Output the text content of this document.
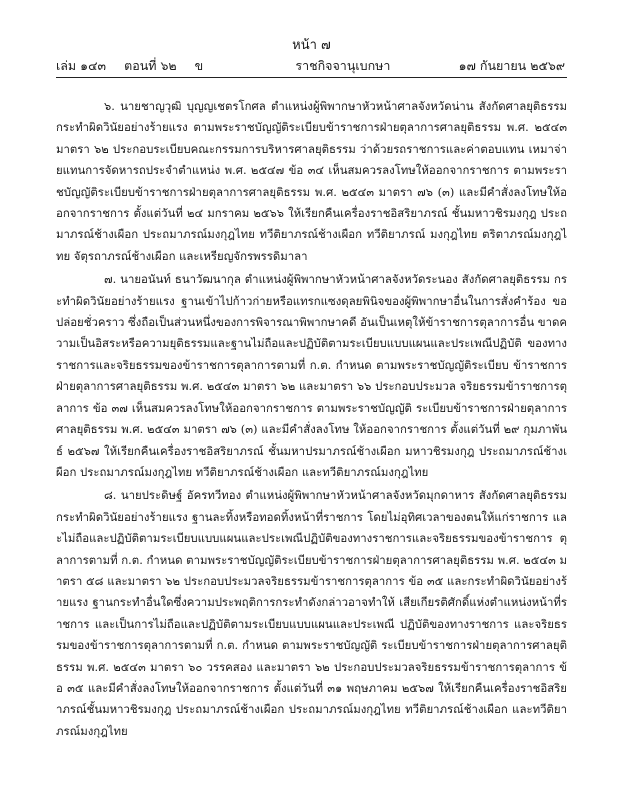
หน้า ๗
เล่ม ๑๔๓ ตอนที่ ๖๒ ข	ราชกิจจานุเบกษา	๑๗ กันยายน ๒๕๖๙

๖. นายชาญวุฒิ บุญญเชตรโกศล ตำแหน่งผู้พิพากษาหัวหน้าศาลจังหวัดน่าน สังกัดศาลยุติธรรม กระทำผิดวินัยอย่างร้ายแรง ตามพระราชบัญญัติระเบียบข้าราชการฝ่ายตุลาการศาลยุติธรรม พ.ศ. ๒๕๔๓ มาตรา ๖๒ ประกอบระเบียบคณะกรรมการบริหารศาลยุติธรรม ว่าด้วยรถราชการและค่าตอบแทน เหมาจ่ายแทนการจัดหารถประจำตำแหน่ง พ.ศ. ๒๕๔๗ ข้อ ๓๔ เห็นสมควรลงโทษให้ออกจากราชการ ตามพระราชบัญญัติระเบียบข้าราชการฝ่ายตุลาการศาลยุติธรรม พ.ศ. ๒๕๔๓ มาตรา ๗๖ (๓) และมีคำสั่งลงโทษให้ออกจากราชการ ตั้งแต่วันที่ ๒๔ มกราคม ๒๕๖๖ ให้เรียกคืนเครื่องราชอิสริยาภรณ์ ชั้นมหาวชิรมงกุฎ ประถมาภรณ์ช้างเผือก ประถมาภรณ์มงกุฎไทย ทวีติยาภรณ์ช้างเผือก ทวีติยาภรณ์ มงกุฎไทย ตริตาภรณ์มงกุฎไทย จัตุรถาภรณ์ช้างเผือก และเหรียญจักรพรรดิมาลา

๗. นายอนันท์ ธนาวัฒนากุล ตำแหน่งผู้พิพากษาหัวหน้าศาลจังหวัดระนอง สังกัดศาลยุติธรรม กระทำผิดวินัยอย่างร้ายแรง ฐานเข้าไปก้าวก่ายหรือแทรกแซงดุลยพินิจของผู้พิพากษาอื่นในการสั่งคำร้อง ขอปล่อยชั่วคราว ซึ่งถือเป็นส่วนหนึ่งของการพิจารณาพิพากษาคดี อันเป็นเหตุให้ข้าราชการตุลาการอื่น ขาดความเป็นอิสระหรือความยุติธรรมและฐานไม่ถือและปฏิบัติตามระเบียบแบบแผนและประเพณีปฏิบัติ ของทางราชการและจริยธรรมของข้าราชการตุลาการตามที่ ก.ต. กำหนด ตามพระราชบัญญัติระเบียบ ข้าราชการฝ่ายตุลาการศาลยุติธรรม พ.ศ. ๒๕๔๓ มาตรา ๖๒ และมาตรา ๖๖ ประกอบประมวล จริยธรรมข้าราชการตุลาการ ข้อ ๓๗ เห็นสมควรลงโทษให้ออกจากราชการ ตามพระราชบัญญัติ ระเบียบข้าราชการฝ่ายตุลาการศาลยุติธรรม พ.ศ. ๒๕๔๓ มาตรา ๗๖ (๓) และมีคำสั่งลงโทษ ให้ออกจากราชการ ตั้งแต่วันที่ ๒๙ กุมภาพันธ์ ๒๕๖๗ ให้เรียกคืนเครื่องราชอิสริยาภรณ์ ชั้นมหาปรมาภรณ์ช้างเผือก มหาวชิรมงกุฎ ประถมาภรณ์ช้างเผือก ประถมาภรณ์มงกุฎไทย ทวีติยาภรณ์ช้างเผือก และทวีติยาภรณ์มงกุฎไทย

๘. นายประดิษฐ์ อัครทวีทอง ตำแหน่งผู้พิพากษาหัวหน้าศาลจังหวัดมุกดาหาร สังกัดศาลยุติธรรม กระทำผิดวินัยอย่างร้ายแรง ฐานละทิ้งหรือทอดทิ้งหน้าที่ราชการ โดยไม่อุทิศเวลาของตนให้แก่ราชการ และไม่ถือและปฏิบัติตามระเบียบแบบแผนและประเพณีปฏิบัติของทางราชการและจริยธรรมของข้าราชการ ตุลาการตามที่ ก.ต. กำหนด ตามพระราชบัญญัติระเบียบข้าราชการฝ่ายตุลาการศาลยุติธรรม พ.ศ. ๒๕๔๓ มาตรา ๕๘ และมาตรา ๖๒ ประกอบประมวลจริยธรรมข้าราชการตุลาการ ข้อ ๓๕ และกระทำผิดวินัยอย่างร้ายแรง ฐานกระทำอื่นใดซึ่งความประพฤติการกระทำดังกล่าวอาจทำให้ เสียเกียรติศักดิ์แห่งตำแหน่งหน้าที่ราชการ และเป็นการไม่ถือและปฏิบัติตามระเบียบแบบแผนและประเพณี ปฏิบัติของทางราชการ และจริยธรรมของข้าราชการตุลาการตามที่ ก.ต. กำหนด ตามพระราชบัญญัติ ระเบียบข้าราชการฝ่ายตุลาการศาลยุติธรรม พ.ศ. ๒๕๔๓ มาตรา ๖๐ วรรคสอง และมาตรา ๖๒ ประกอบประมวลจริยธรรมข้าราชการตุลาการ ข้อ ๓๕ และมีคำสั่งลงโทษให้ออกจากราชการ ตั้งแต่วันที่ ๓๑ พฤษภาคม ๒๕๖๗ ให้เรียกคืนเครื่องราชอิสริยาภรณ์ชั้นมหาวชิรมงกุฎ ประถมาภรณ์ช้างเผือก ประถมาภรณ์มงกุฎไทย ทวีติยาภรณ์ช้างเผือก และทวีติยาภรณ์มงกุฎไทย
